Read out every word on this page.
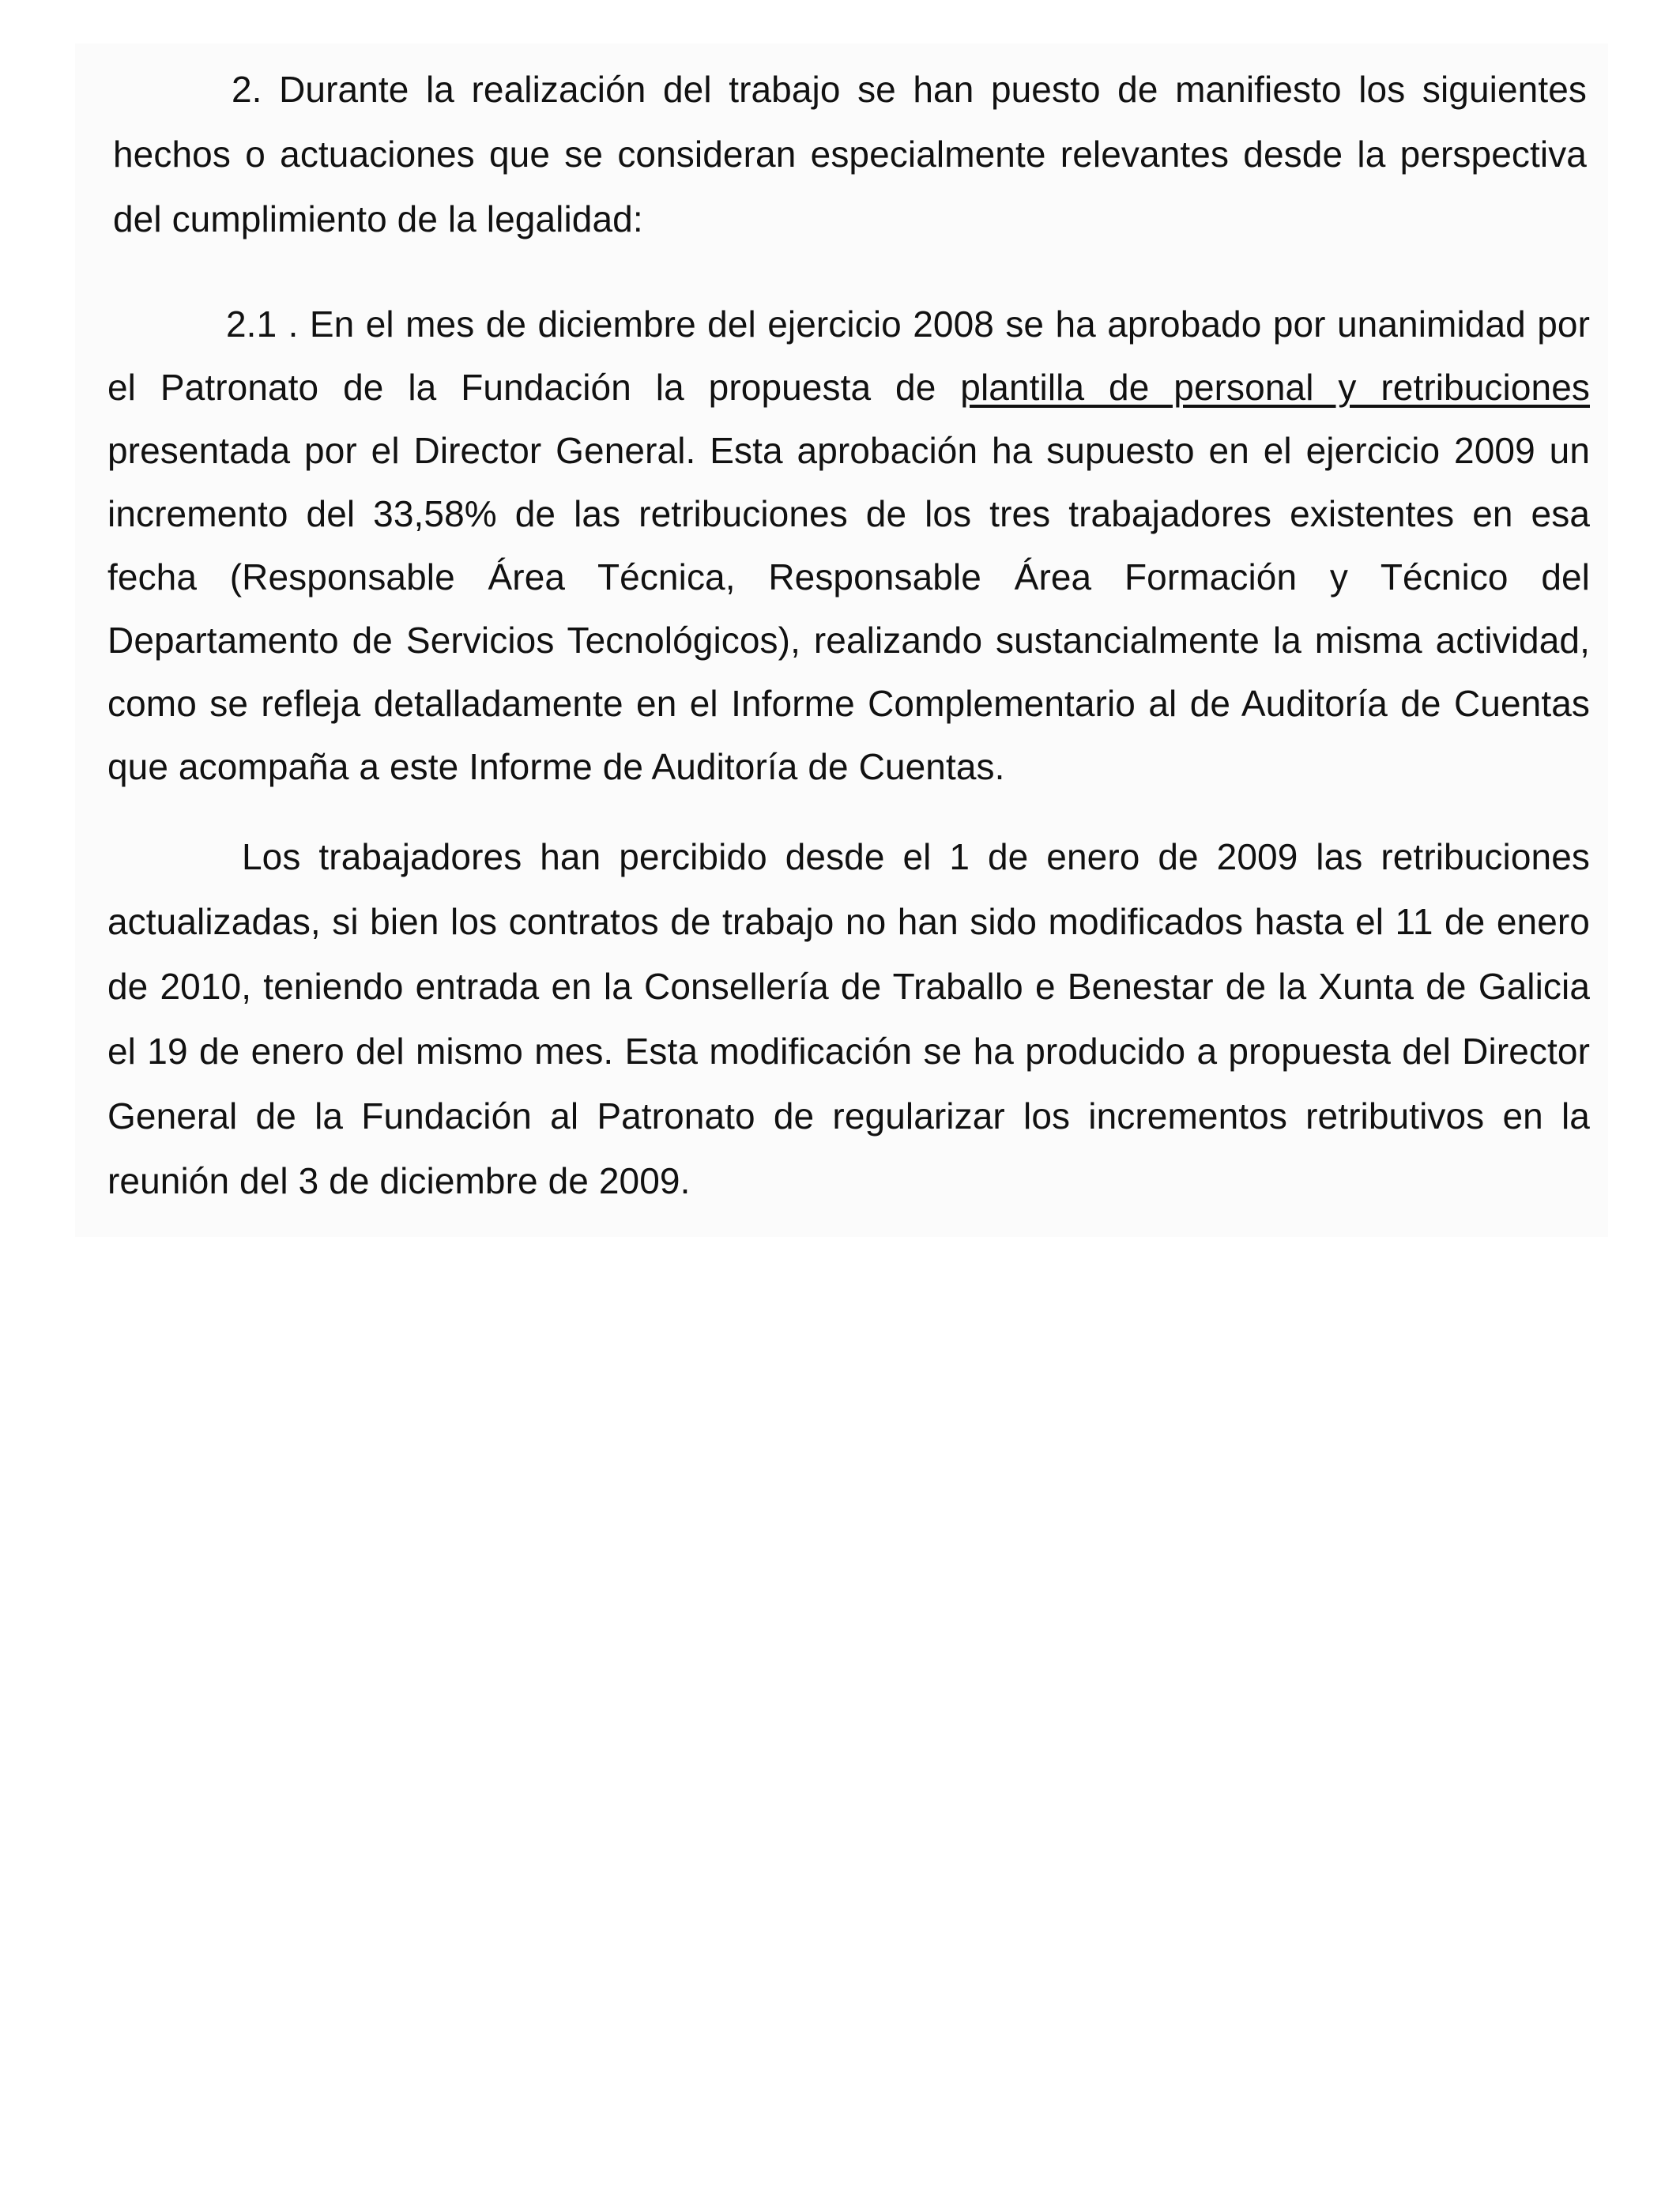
2. Durante la realización del trabajo se han puesto de manifiesto los siguientes hechos o actuaciones que se consideran especialmente relevantes desde la perspectiva del cumplimiento de la legalidad:

2.1 . En el mes de diciembre del ejercicio 2008 se ha aprobado por unanimidad por el Patronato de la Fundación la propuesta de plantilla de personal y retribuciones presentada por el Director General. Esta aprobación ha supuesto en el ejercicio 2009 un incremento del 33,58% de las retribuciones de los tres trabajadores existentes en esa fecha (Responsable Área Técnica, Responsable Área Formación y Técnico del Departamento de Servicios Tecnológicos), realizando sustancialmente la misma actividad, como se refleja detalladamente en el Informe Complementario al de Auditoría de Cuentas que acompaña a este Informe de Auditoría de Cuentas.

Los trabajadores han percibido desde el 1 de enero de 2009 las retribuciones actualizadas, si bien los contratos de trabajo no han sido modificados hasta el 11 de enero de 2010, teniendo entrada en la Consellería de Traballo e Benestar de la Xunta de Galicia el 19 de enero del mismo mes. Esta modificación se ha producido a propuesta del Director General de la Fundación al Patronato de regularizar los incrementos retributivos en la reunión del 3 de diciembre de 2009.
